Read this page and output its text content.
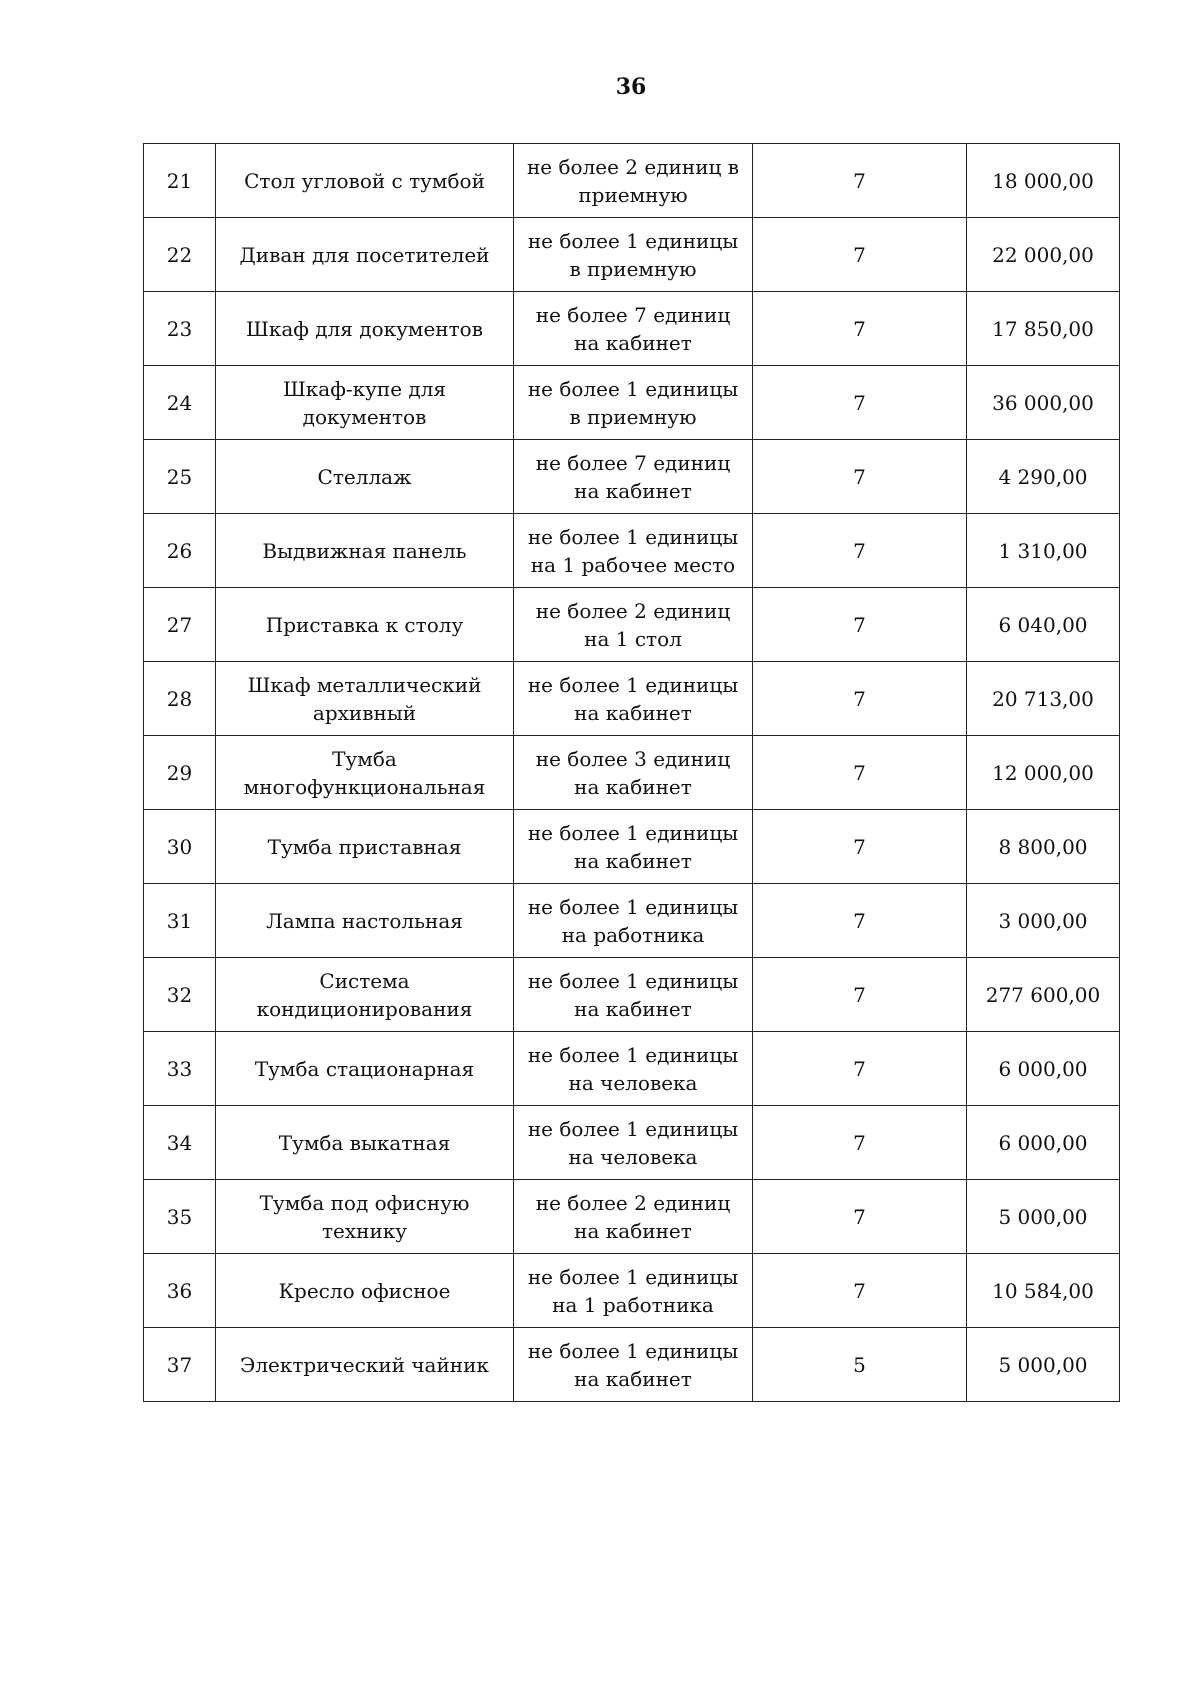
36
21	Стол угловой с тумбой	не более 2 единиц в приемную	7	18 000,00
22	Диван для посетителей	не более 1 единицы в приемную	7	22 000,00
23	Шкаф для документов	не более 7 единиц на кабинет	7	17 850,00
24	Шкаф-купе для документов	не более 1 единицы в приемную	7	36 000,00
25	Стеллаж	не более 7 единиц на кабинет	7	4 290,00
26	Выдвижная панель	не более 1 единицы на 1 рабочее место	7	1 310,00
27	Приставка к столу	не более 2 единиц на 1 стол	7	6 040,00
28	Шкаф металлический архивный	не более 1 единицы на кабинет	7	20 713,00
29	Тумба многофункциональная	не более 3 единиц на кабинет	7	12 000,00
30	Тумба приставная	не более 1 единицы на кабинет	7	8 800,00
31	Лампа настольная	не более 1 единицы на работника	7	3 000,00
32	Система кондиционирования	не более 1 единицы на кабинет	7	277 600,00
33	Тумба стационарная	не более 1 единицы на человека	7	6 000,00
34	Тумба выкатная	не более 1 единицы на человека	7	6 000,00
35	Тумба под офисную технику	не более 2 единиц на кабинет	7	5 000,00
36	Кресло офисное	не более 1 единицы на 1 работника	7	10 584,00
37	Электрический чайник	не более 1 единицы на кабинет	5	5 000,00
